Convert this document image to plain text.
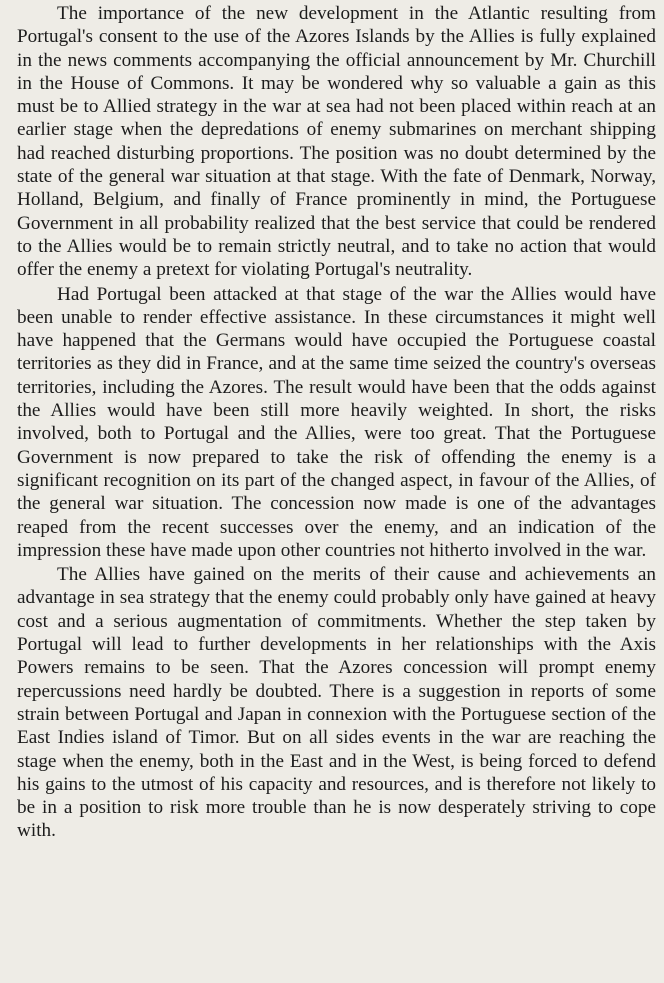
The importance of the new development in the Atlantic resulting from Portugal's consent to the use of the Azores Islands by the Allies is fully explained in the news comments accompanying the official announcement by Mr. Churchill in the House of Commons. It may be wondered why so valuable a gain as this must be to Allied strategy in the war at sea had not been placed within reach at an earlier stage when the depredations of enemy submarines on merchant shipping had reached disturbing proportions. The position was no doubt determined by the state of the general war situation at that stage. With the fate of Denmark, Norway, Holland, Belgium, and finally of France prominently in mind, the Portuguese Government in all probability realized that the best service that could be rendered to the Allies would be to remain strictly neutral, and to take no action that would offer the enemy a pretext for violating Portugal's neutrality.

Had Portugal been attacked at that stage of the war the Allies would have been unable to render effective assistance. In these circumstances it might well have happened that the Germans would have occupied the Portuguese coastal territories as they did in France, and at the same time seized the country's overseas territories, including the Azores. The result would have been that the odds against the Allies would have been still more heavily weighted. In short, the risks involved, both to Portugal and the Allies, were too great. That the Portuguese Government is now prepared to take the risk of offending the enemy is a significant recognition on its part of the changed aspect, in favour of the Allies, of the general war situation. The concession now made is one of the advantages reaped from the recent successes over the enemy, and an indication of the impression these have made upon other countries not hitherto involved in the war.

The Allies have gained on the merits of their cause and achievements an advantage in sea strategy that the enemy could probably only have gained at heavy cost and a serious augmentation of commitments. Whether the step taken by Portugal will lead to further developments in her relationships with the Axis Powers remains to be seen. That the Azores concession will prompt enemy repercussions need hardly be doubted. There is a suggestion in reports of some strain between Portugal and Japan in connexion with the Portuguese section of the East Indies island of Timor. But on all sides events in the war are reaching the stage when the enemy, both in the East and in the West, is being forced to defend his gains to the utmost of his capacity and resources, and is therefore not likely to be in a position to risk more trouble than he is now desperately striving to cope with.
